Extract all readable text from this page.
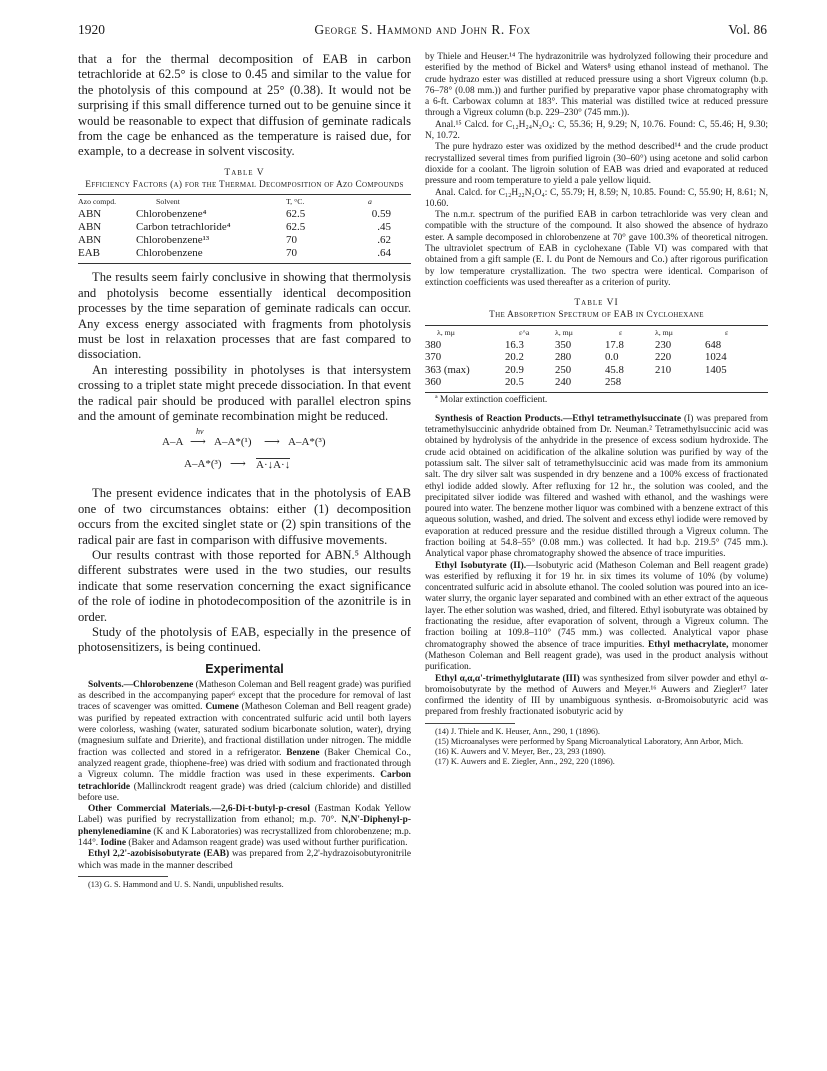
1920	George S. Hammond and John R. Fox	Vol. 86

that a for the thermal decomposition of EAB in carbon tetrachloride at 62.5° is close to 0.45 and similar to the value for the photolysis of this compound at 25° (0.38). It would not be surprising if this small difference turned out to be genuine since it would be reasonable to expect that diffusion of geminate radicals from the cage be enhanced as the temperature is raised due, for example, to a decrease in solvent viscosity.

Table V
Efficiency Factors (a) for the Thermal Decomposition of Azo Compounds
Azo compd.	Solvent	T, °C.	a
ABN	Chlorobenzene⁴	62.5	0.59
ABN	Carbon tetrachloride⁴	62.5	.45
ABN	Chlorobenzene¹³	70	.62
EAB	Chlorobenzene	70	.64

The results seem fairly conclusive in showing that thermolysis and photolysis become essentially identical decomposition processes by the time separation of geminate radicals can occur. Any excess energy associated with fragments from photolysis must be lost in relaxation processes that are fast compared to dissociation.

An interesting possibility in photolyses is that intersystem crossing to a triplet state might precede dissociation. In that event the radical pair should be produced with parallel electron spins and the amount of geminate recombination might be reduced.

hν
A–A ⟶ A–A*(¹) ⟶ A–A*(³)
A–A*(³) ⟶ A·↓A·↓

The present evidence indicates that in the photolysis of EAB one of two circumstances obtains: either (1) decomposition occurs from the excited singlet state or (2) spin transitions of the radical pair are fast in comparison with diffusive movements.

Our results contrast with those reported for ABN.⁵ Although different substrates were used in the two studies, our results indicate that some reservation concerning the exact significance of the role of iodine in photodecomposition of the azonitrile is in order.

Study of the photolysis of EAB, especially in the presence of photosensitizers, is being continued.

Experimental

Solvents.—Chlorobenzene (Matheson Coleman and Bell reagent grade) was purified as described in the accompanying paper⁶ except that the procedure for removal of last traces of scavenger was omitted. Cumene (Matheson Coleman and Bell reagent grade) was purified by repeated extraction with concentrated sulfuric acid until both layers were colorless, washing (water, saturated sodium bicarbonate solution, water), drying (magnesium sulfate and Drierite), and fractional distillation under nitrogen. The middle fraction was collected and stored in a refrigerator. Benzene (Baker Chemical Co., analyzed reagent grade, thiophene-free) was dried with sodium and fractionated through a Vigreux column. The middle fraction was used in these experiments. Carbon tetrachloride (Mallinckrodt reagent grade) was dried (calcium chloride) and distilled before use.

Other Commercial Materials.—2,6-Di-t-butyl-p-cresol (Eastman Kodak Yellow Label) was purified by recrystallization from ethanol; m.p. 70°. N,N'-Diphenyl-p-phenylenediamine (K and K Laboratories) was recrystallized from chlorobenzene; m.p. 144°. Iodine (Baker and Adamson reagent grade) was used without further purification.

Ethyl 2,2'-azobisisobutyrate (EAB) was prepared from 2,2'-hydrazoisobutyronitrile which was made in the manner described

(13) G. S. Hammond and U. S. Nandi, unpublished results.

by Thiele and Heuser.¹⁴ The hydrazonitrile was hydrolyzed following their procedure and esterified by the method of Bickel and Waters⁸ using ethanol instead of methanol. The crude hydrazo ester was distilled at reduced pressure using a short Vigreux column (b.p. 76–78° (0.08 mm.)) and further purified by preparative vapor phase chromatography with a 6-ft. Carbowax column at 183°. This material was distilled twice at reduced pressure through a Vigreux column (b.p. 229–230° (745 mm.)).

Anal.¹⁵ Calcd. for C₁₂H₂₄N₂O₄: C, 55.36; H, 9.29; N, 10.76. Found: C, 55.46; H, 9.30; N, 10.72.

The pure hydrazo ester was oxidized by the method described¹⁴ and the crude product recrystallized several times from purified ligroin (30–60°) using acetone and solid carbon dioxide for a coolant. The ligroin solution of EAB was dried and evaporated at reduced pressure and room temperature to yield a pale yellow liquid.

Anal. Calcd. for C₁₂H₂₂N₂O₄: C, 55.79; H, 8.59; N, 10.85. Found: C, 55.90; H, 8.61; N, 10.60.

The n.m.r. spectrum of the purified EAB in carbon tetrachloride was very clean and compatible with the structure of the compound. It also showed the absence of hydrazo ester. A sample decomposed in chlorobenzene at 70° gave 100.3% of theoretical nitrogen. The ultraviolet spectrum of EAB in cyclohexane (Table VI) was compared with that obtained from a gift sample (E. I. du Pont de Nemours and Co.) after rigorous purification by low temperature crystallization. The two spectra were identical. Comparison of extinction coefficients was used thereafter as a criterion of purity.

Table VI
The Absorption Spectrum of EAB in Cyclohexane
λ, mμ	ε^a	λ, mμ	ε	λ, mμ	ε
380	16.3	350	17.8	230	648
370	20.2	280	0.0	220	1024
363 (max)	20.9	250	45.8	210	1405
360	20.5	240	258		

ª Molar extinction coefficient.

Synthesis of Reaction Products.—Ethyl tetramethylsuccinate (I) was prepared from tetramethylsuccinic anhydride obtained from Dr. Neuman.² Tetramethylsuccinic acid was obtained by hydrolysis of the anhydride in the presence of excess sodium hydroxide. The crude acid obtained on acidification of the alkaline solution was purified by way of the potassium salt. The silver salt of tetramethylsuccinic acid was made from its ammonium salt. The dry silver salt was suspended in dry benzene and a 100% excess of fractionated ethyl iodide added slowly. After refluxing for 12 hr., the solution was cooled, and the precipitated silver iodide was filtered and washed with ethanol, and the washings were poured into water. The benzene mother liquor was combined with a benzene extract of this aqueous solution, washed, and dried. The solvent and excess ethyl iodide were removed by evaporation at reduced pressure and the residue distilled through a Vigreux column. The fraction boiling at 54.8–55° (0.08 mm.) was collected. It had b.p. 219.5° (745 mm.). Analytical vapor phase chromatography showed the absence of trace impurities.

Ethyl Isobutyrate (II).—Isobutyric acid (Matheson Coleman and Bell reagent grade) was esterified by refluxing it for 19 hr. in six times its volume of 10% (by volume) concentrated sulfuric acid in absolute ethanol. The cooled solution was poured into an ice-water slurry, the organic layer separated and combined with an ether extract of the aqueous layer. The ether solution was washed, dried, and filtered. Ethyl isobutyrate was obtained by fractionating the residue, after evaporation of solvent, through a Vigreux column. The fraction boiling at 109.8–110° (745 mm.) was collected. Analytical vapor phase chromatography showed the absence of trace impurities. Ethyl methacrylate, monomer (Matheson Coleman and Bell reagent grade), was used in the product analysis without purification.

Ethyl α,α,α'-trimethylglutarate (III) was synthesized from silver powder and ethyl α-bromoisobutyrate by the method of Auwers and Meyer.¹⁶ Auwers and Ziegler¹⁷ later confirmed the identity of III by unambiguous synthesis. α-Bromoisobutyric acid was prepared from freshly fractionated isobutyric acid by

(14) J. Thiele and K. Heuser, Ann., 290, 1 (1896).

(15) Microanalyses were performed by Spang Microanalytical Laboratory, Ann Arbor, Mich.

(16) K. Auwers and V. Meyer, Ber., 23, 293 (1890).

(17) K. Auwers and E. Ziegler, Ann., 292, 220 (1896).
